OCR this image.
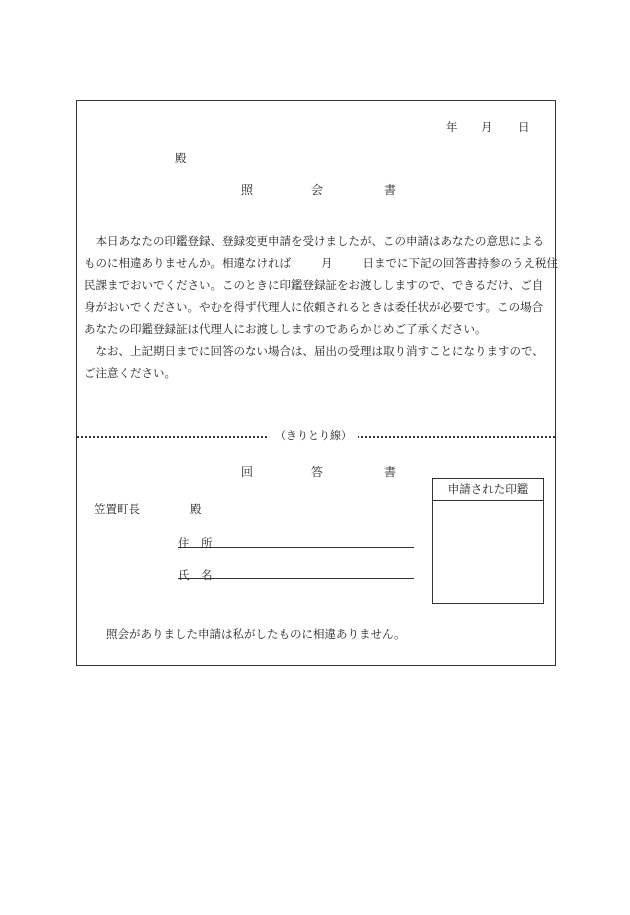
年 月 日
殿
照	会	書
　本日あなたの印鑑登録、登録変更申請を受けましたが、この申請はあなたの意思による
ものに相違ありませんか。相違なければ	月	日までに下記の回答書持参のうえ税住
民課までおいでください。このときに印鑑登録証をお渡ししますので、できるだけ、ご自
身がおいでください。やむを得ず代理人に依頼されるときは委任状が必要です。この場合
あなたの印鑑登録証は代理人にお渡ししますのであらかじめご了承ください。
　なお、上記期日までに回答のない場合は、届出の受理は取り消すことになりますので、
ご注意ください。
（きりとり線）
回	答	書
笠置町長	殿
住　所
氏　名
申請された印鑑
照会がありました申請は私がしたものに相違ありません。
